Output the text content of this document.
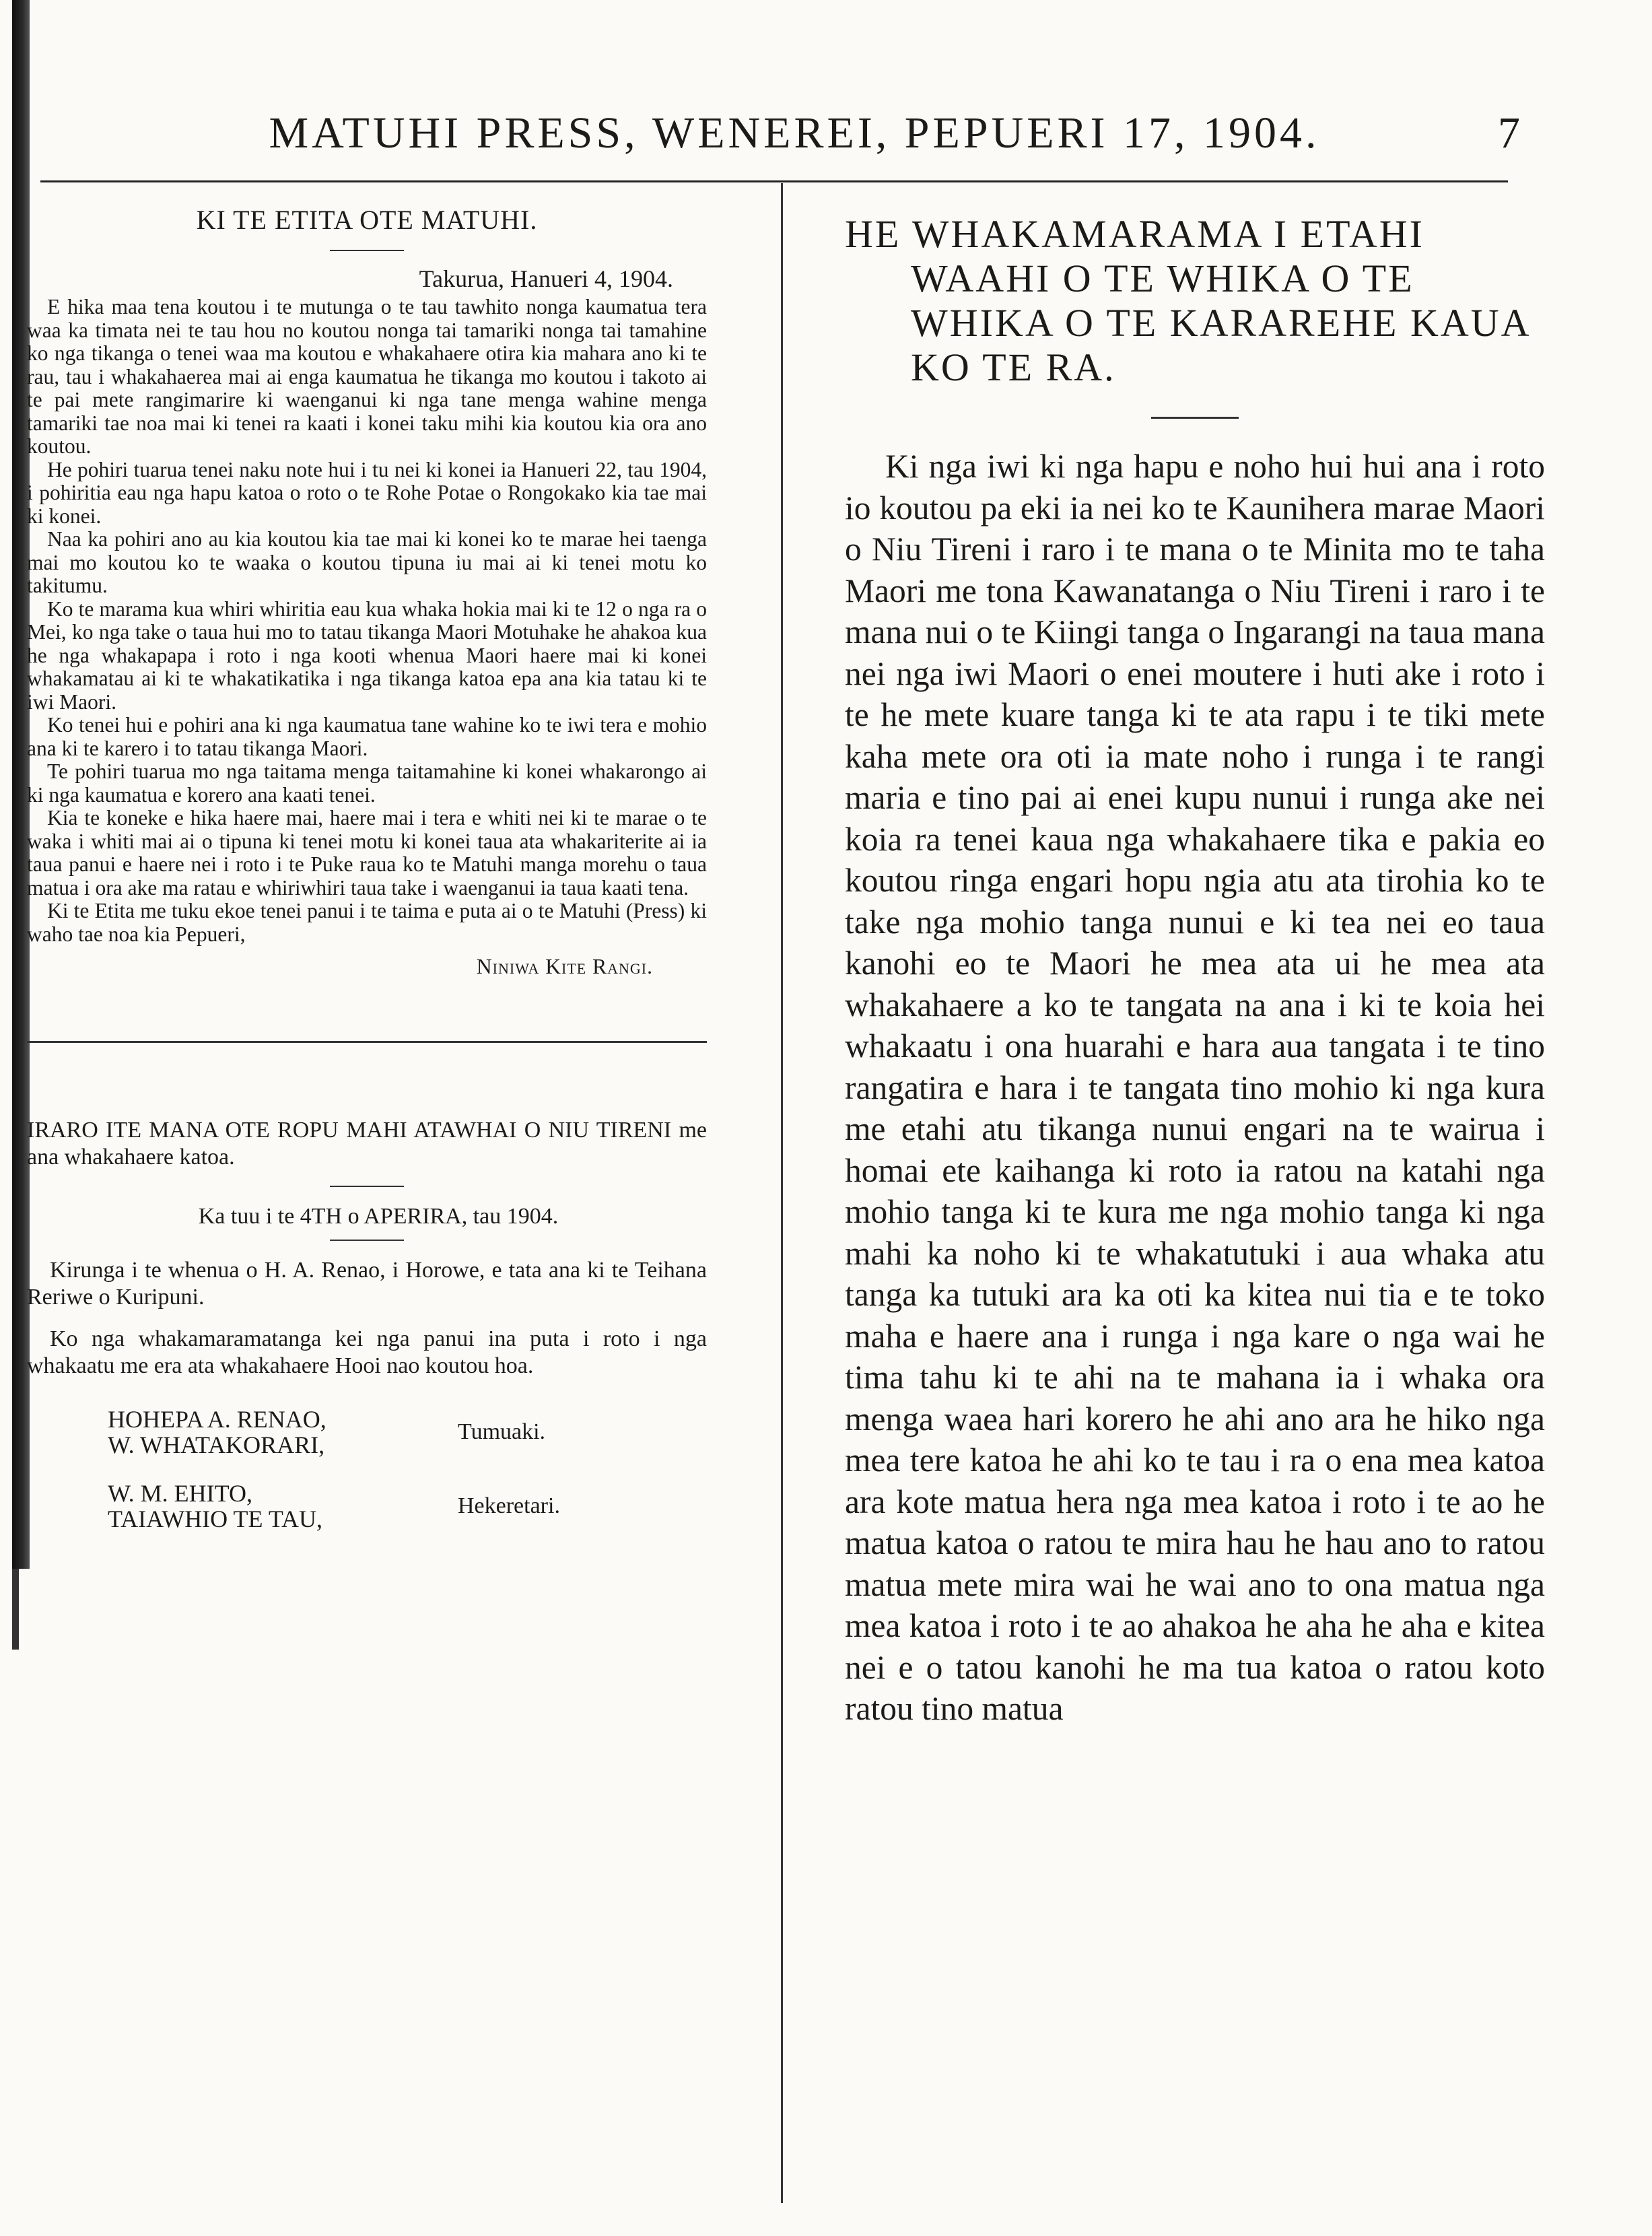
MATUHI PRESS, WENEREI, PEPUERI 17, 1904.	7
KI TE ETITA OTE MATUHI.
Takurua, Hanueri 4, 1904.

E hika maa tena koutou i te mutunga o te tau tawhito nonga kaumatua tera waa ka timata nei te tau hou no koutou nonga tai tamariki nonga tai tamahine ko nga tikanga o tenei waa ma koutou e whakahaere otira kia mahara ano ki te rau, tau i whakahaerea mai ai enga kaumatua he tikanga mo koutou i takoto ai te pai mete rangimarire ki waenganui ki nga tane menga wahine menga tamariki tae noa mai ki tenei ra kaati i konei taku mihi kia koutou kia ora ano koutou.

He pohiri tuarua tenei naku note hui i tu nei ki konei ia Hanueri 22, tau 1904, i pohiritia eau nga hapu katoa o roto o te Rohe Potae o Rongokako kia tae mai ki konei.

Naa ka pohiri ano au kia koutou kia tae mai ki konei ko te marae hei taenga mai mo koutou ko te waaka o koutou tipuna iu mai ai ki tenei motu ko takitumu.

Ko te marama kua whiri whiritia eau kua whaka hokia mai ki te 12 o nga ra o Mei, ko nga take o taua hui mo to tatau tikanga Maori Motuhake he ahakoa kua he nga whakapapa i roto i nga kooti whenua Maori haere mai ki konei whakamatau ai ki te whakatikatika i nga tikanga katoa epa ana kia tatau ki te iwi Maori.

Ko tenei hui e pohiri ana ki nga kaumatua tane wahine ko te iwi tera e mohio ana ki te karero i to tatau tikanga Maori.

Te pohiri tuarua mo nga taitama menga taitamahine ki konei whakarongo ai ki nga kaumatua e korero ana kaati tenei.

Kia te koneke e hika haere mai, haere mai i tera e whiti nei ki te marae o te waka i whiti mai ai o tipuna ki tenei motu ki konei taua ata whakariterite ai ia taua panui e haere nei i roto i te Puke raua ko te Matuhi manga morehu o taua matua i ora ake ma ratau e whiriwhiri taua take i waenganui ia taua kaati tena.

Ki te Etita me tuku ekoe tenei panui i te taima e puta ai o te Matuhi (Press) ki waho tae noa kia Pepueri,

Niniwa Kite Rangi.

IRARO ITE MANA OTE ROPU MAHI ATAWHAI O NIU TIRENI me ana whakahaere katoa.

Ka tuu i te 4TH o APERIRA, tau 1904.

Kirunga i te whenua o H. A. Renao, i Horowe, e tata ana ki te Teihana Reriwe o Kuripuni.

Ko nga whakamaramatanga kei nga panui ina puta i roto i nga whakaatu me era ata whakahaere Hooi nao koutou hoa.

HOHEPA A. RENAO,
W. WHATAKORARI,	Tumuaki.
W. M. EHITO,
TAIAWHIO TE TAU,	Hekeretari.
HE WHAKAMARAMA I ETAHI WAAHI O TE WHIKA O TE WHIKA O TE KARAREHE KAUA KO TE RA.

Ki nga iwi ki nga hapu e noho hui hui ana i roto io koutou pa eki ia nei ko te Kaunihera marae Maori o Niu Tireni i raro i te mana o te Minita mo te taha Maori me tona Kawanatanga o Niu Tireni i raro i te mana nui o te Kiingi tanga o Ingarangi na taua mana nei nga iwi Maori o enei moutere i huti ake i roto i te he mete kuare tanga ki te ata rapu i te tiki mete kaha mete ora oti ia mate noho i runga i te rangi maria e tino pai ai enei kupu nunui i runga ake nei koia ra tenei kaua nga whakahaere tika e pakia eo koutou ringa engari hopu ngia atu ata tirohia ko te take nga mohio tanga nunui e ki tea nei eo taua kanohi eo te Maori he mea ata ui he mea ata whakahaere a ko te tangata na ana i ki te koia hei whakaatu i ona huarahi e hara aua tangata i te tino rangatira e hara i te tangata tino mohio ki nga kura me etahi atu tikanga nunui engari na te wairua i homai ete kaihanga ki roto ia ratou na katahi nga mohio tanga ki te kura me nga mohio tanga ki nga mahi ka noho ki te whakatutuki i aua whaka atu tanga ka tutuki ara ka oti ka kitea nui tia e te toko maha e haere ana i runga i nga kare o nga wai he tima tahu ki te ahi na te mahana ia i whaka ora menga waea hari korero he ahi ano ara he hiko nga mea tere katoa he ahi ko te tau i ra o ena mea katoa ara kote matua hera nga mea katoa i roto i te ao he matua katoa o ratou te mira hau he hau ano to ratou matua mete mira wai he wai ano to ona matua nga mea katoa i roto i te ao ahakoa he aha he aha e kitea nei e o tatou kanohi he ma tua katoa o ratou koto ratou tino matua
